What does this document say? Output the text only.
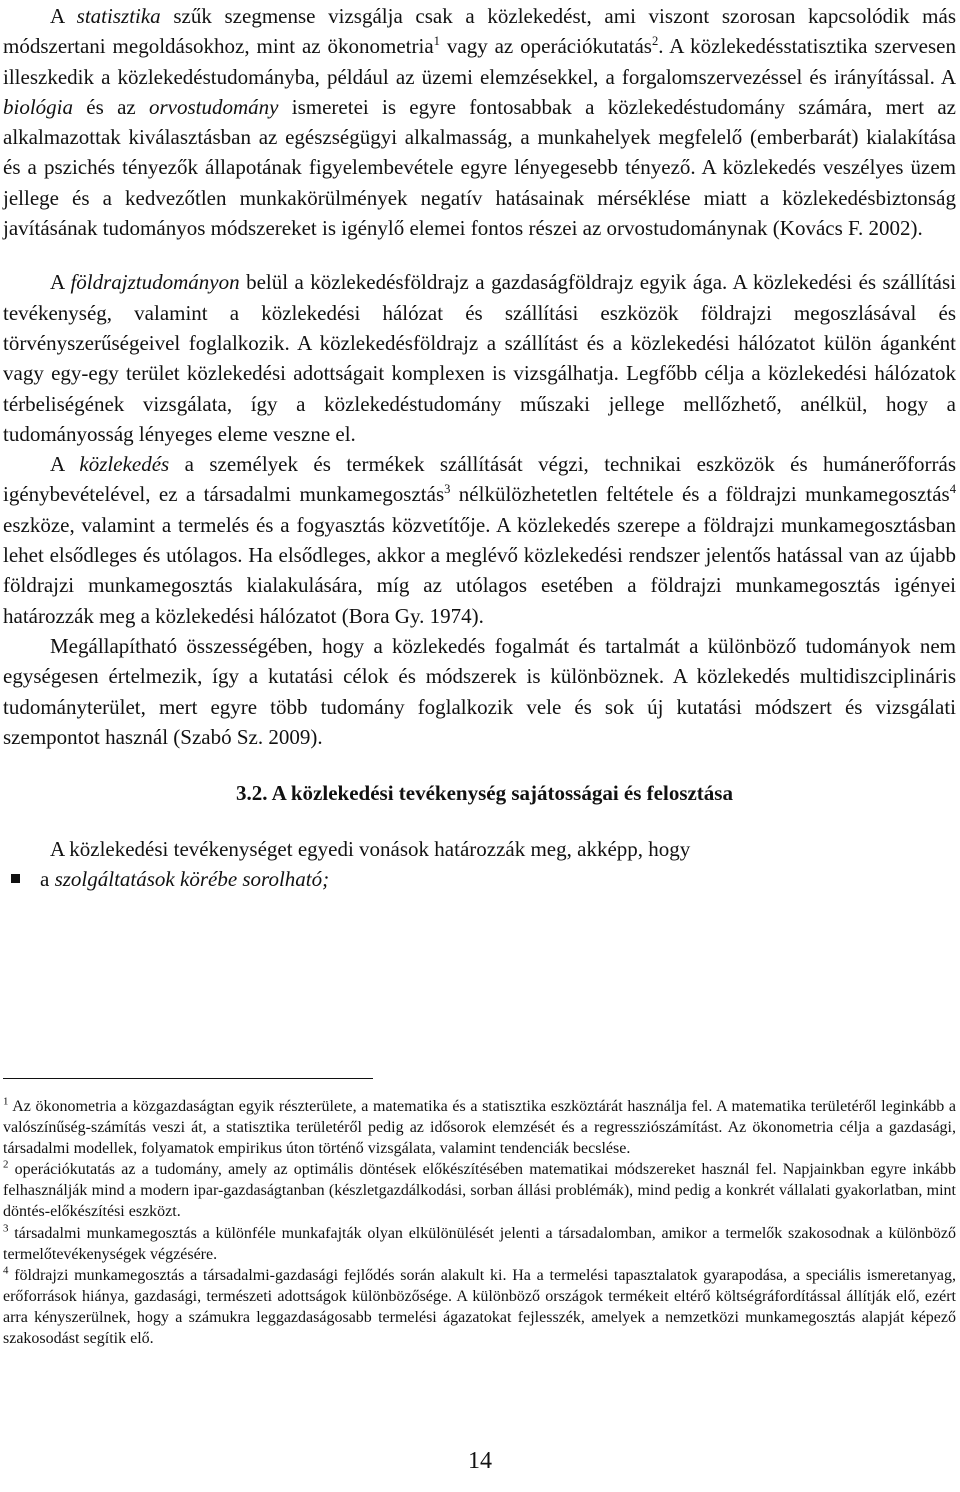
A statisztika szűk szegmense vizsgálja csak a közlekedést, ami viszont szorosan kapcsolódik más módszertani megoldásokhoz, mint az ökonometria$^1$ vagy az operációkutatás$^2$. A közlekedésstatisztika szervesen illeszkedik a közlekedéstudományba, például az üzemi elemzésekkel, a forgalomszervezéssel és irányítással. A biológia és az orvostudomány ismeretei is egyre fontosabbak a közlekedéstudomány számára, mert az alkalmazottak kiválasztásban az egészségügyi alkalmasság, a munkahelyek megfelelő (emberbarát) kialakítása és a pszichés tényezők állapotának figyelembevétele egyre lényegesebb tényező. A közlekedés veszélyes üzem jellege és a kedvezőtlen munkakörülmények negatív hatásainak mérséklése miatt a közlekedésbiztonság javításának tudományos módszereket is igénylő elemei fontos részei az orvostudománynak (Kovács F. 2002).

A földrajztudományon belül a közlekedésföldrajz a gazdaságföldrajz egyik ága. A közlekedési és szállítási tevékenység, valamint a közlekedési hálózat és szállítási eszközök földrajzi megoszlásával és törvényszerűségeivel foglalkozik. A közlekedésföldrajz a szállítást és a közlekedési hálózatot külön áganként vagy egy-egy terület közlekedési adottságait komplexen is vizsgálhatja. Legfőbb célja a közlekedési hálózatok térbeliségének vizsgálata, így a közlekedéstudomány műszaki jellege mellőzhető, anélkül, hogy a tudományosság lényeges eleme veszne el.

A közlekedés a személyek és termékek szállítását végzi, technikai eszközök és humánerőforrás igénybevételével, ez a társadalmi munkamegosztás$^3$ nélkülözhetetlen feltétele és a földrajzi munkamegosztás$^4$ eszköze, valamint a termelés és a fogyasztás közvetítője. A közlekedés szerepe a földrajzi munkamegosztásban lehet elsődleges és utólagos. Ha elsődleges, akkor a meglévő közlekedési rendszer jelentős hatással van az újabb földrajzi munkamegosztás kialakulására, míg az utólagos esetében a földrajzi munkamegosztás igényei határozzák meg a közlekedési hálózatot (Bora Gy. 1974).

Megállapítható összességében, hogy a közlekedés fogalmát és tartalmát a különböző tudományok nem egységesen értelmezik, így a kutatási célok és módszerek is különböznek. A közlekedés multidiszciplináris tudományterület, mert egyre több tudomány foglalkozik vele és sok új kutatási módszert és vizsgálati szempontot használ (Szabó Sz. 2009).

3.2. A közlekedési tevékenység sajátosságai és felosztása

A közlekedési tevékenységet egyedi vonások határozzák meg, akképp, hogy

a szolgáltatások körébe sorolható;

$^1$ Az ökonometria a közgazdaságtan egyik részterülete, a matematika és a statisztika eszköztárát használja fel. A matematika területéről leginkább a valószínűség-számítás veszi át, a statisztika területéről pedig az idősorok elemzését és a regressziószámítást. Az ökonometria célja a gazdasági, társadalmi modellek, folyamatok empirikus úton történő vizsgálata, valamint tendenciák becslése.

$^2$ operációkutatás az a tudomány, amely az optimális döntések előkészítésében matematikai módszereket használ fel. Napjainkban egyre inkább felhasználják mind a modern ipar-gazdaságtanban (készletgazdálkodási, sorban állási problémák), mind pedig a konkrét vállalati gyakorlatban, mint döntés-előkészítési eszközt.

$^3$ társadalmi munkamegosztás a különféle munkafajták olyan elkülönülését jelenti a társadalomban, amikor a termelők szakosodnak a különböző termelőtevékenységek végzésére.

$^4$ földrajzi munkamegosztás a társadalmi-gazdasági fejlődés során alakult ki. Ha a termelési tapasztalatok gyarapodása, a speciális ismeretanyag, erőforrások hiánya, gazdasági, természeti adottságok különbözősége. A különböző országok termékeit eltérő költségráfordítással állítják elő, ezért arra kényszerülnek, hogy a számukra leggazdaságosabb termelési ágazatokat fejlesszék, amelyek a nemzetközi munkamegosztás alapját képező szakosodást segítik elő.

14
